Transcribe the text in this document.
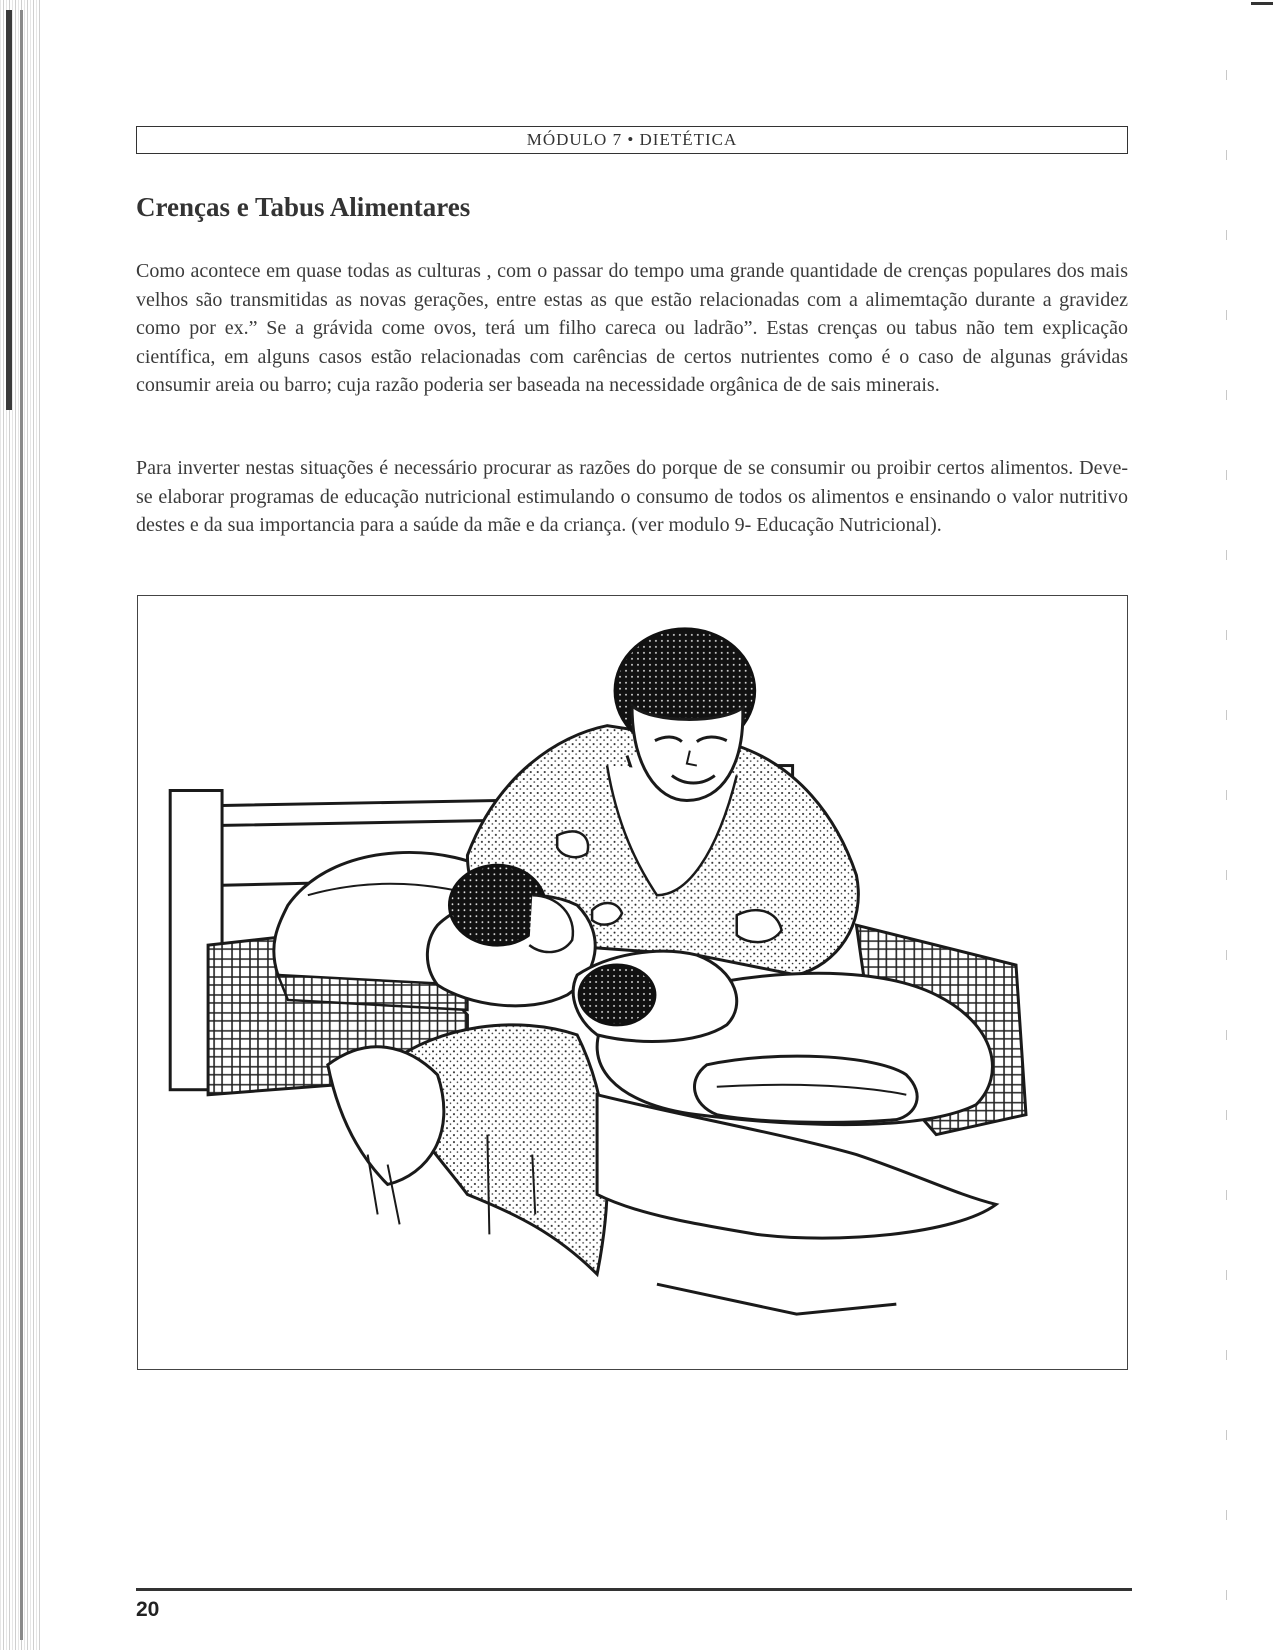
MÓDULO 7 • DIETÉTICA
Crenças e Tabus Alimentares

Como acontece em quase todas as culturas , com o passar do tempo uma grande quantidade de crenças populares dos mais velhos são transmitidas as novas gerações, entre estas as que estão relacionadas com a alimemtação durante a gravidez como por ex.” Se a grávida come ovos, terá um filho careca ou ladrão”. Estas crenças ou tabus não tem explicação científica, em alguns casos estão relacionadas com carências de certos nutrientes como é o caso de algunas grávidas consumir areia ou barro; cuja razão poderia ser baseada na necessidade orgânica de de sais minerais.

Para inverter nestas situações é necessário procurar as razões do porque de se consumir ou proibir certos alimentos. Deve-se elaborar programas de educação nutricional estimulando o consumo de todos os alimentos e ensinando o valor nutritivo destes e da sua importancia para a saúde da mãe e da criança. (ver modulo 9- Educação Nutricional).

20
